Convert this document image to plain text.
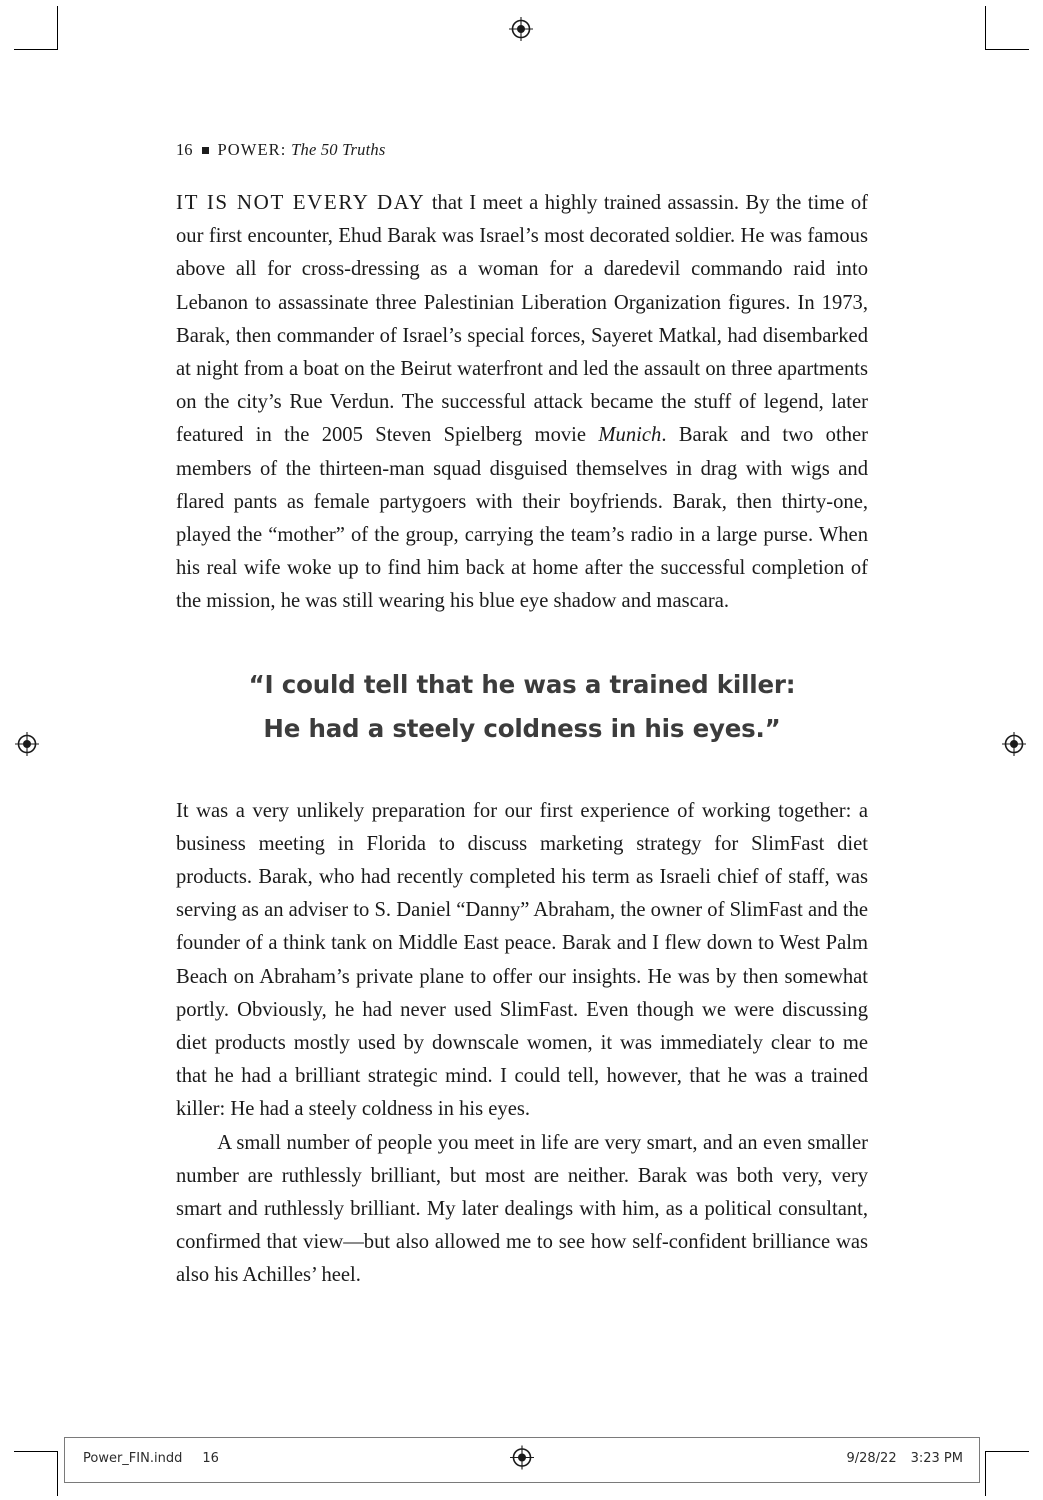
16 POWER: The 50 Truths

IT IS NOT EVERY DAY that I meet a highly trained assassin. By the time of our first encounter, Ehud Barak was Israel’s most decorated soldier. He was famous above all for cross-dressing as a woman for a daredevil commando raid into Lebanon to assassinate three Palestinian Liberation Organization figures. In 1973, Barak, then commander of Israel’s special forces, Sayeret Matkal, had disembarked at night from a boat on the Beirut waterfront and led the assault on three apartments on the city’s Rue Verdun. The successful attack became the stuff of legend, later featured in the 2005 Steven Spielberg movie Munich. Barak and two other members of the thirteen-man squad disguised themselves in drag with wigs and flared pants as female partygoers with their boyfriends. Barak, then thirty-one, played the “mother” of the group, carrying the team’s radio in a large purse. When his real wife woke up to find him back at home after the successful completion of the mission, he was still wearing his blue eye shadow and mascara.

“I could tell that he was a trained killer:
He had a steely coldness in his eyes.”

It was a very unlikely preparation for our first experience of working together: a business meeting in Florida to discuss marketing strategy for SlimFast diet products. Barak, who had recently completed his term as Israeli chief of staff, was serving as an adviser to S. Daniel “Danny” Abraham, the owner of SlimFast and the founder of a think tank on Middle East peace. Barak and I flew down to West Palm Beach on Abraham’s private plane to offer our insights. He was by then somewhat portly. Obviously, he had never used SlimFast. Even though we were discussing diet products mostly used by downscale women, it was immediately clear to me that he had a brilliant strategic mind. I could tell, however, that he was a trained killer: He had a steely coldness in his eyes.

A small number of people you meet in life are very smart, and an even smaller number are ruthlessly brilliant, but most are neither. Barak was both very, very smart and ruthlessly brilliant. My later dealings with him, as a political consultant, confirmed that view—but also allowed me to see how self-confident brilliance was also his Achilles’ heel.

Power_FIN.indd 16	9/28/22 3:23 PM
